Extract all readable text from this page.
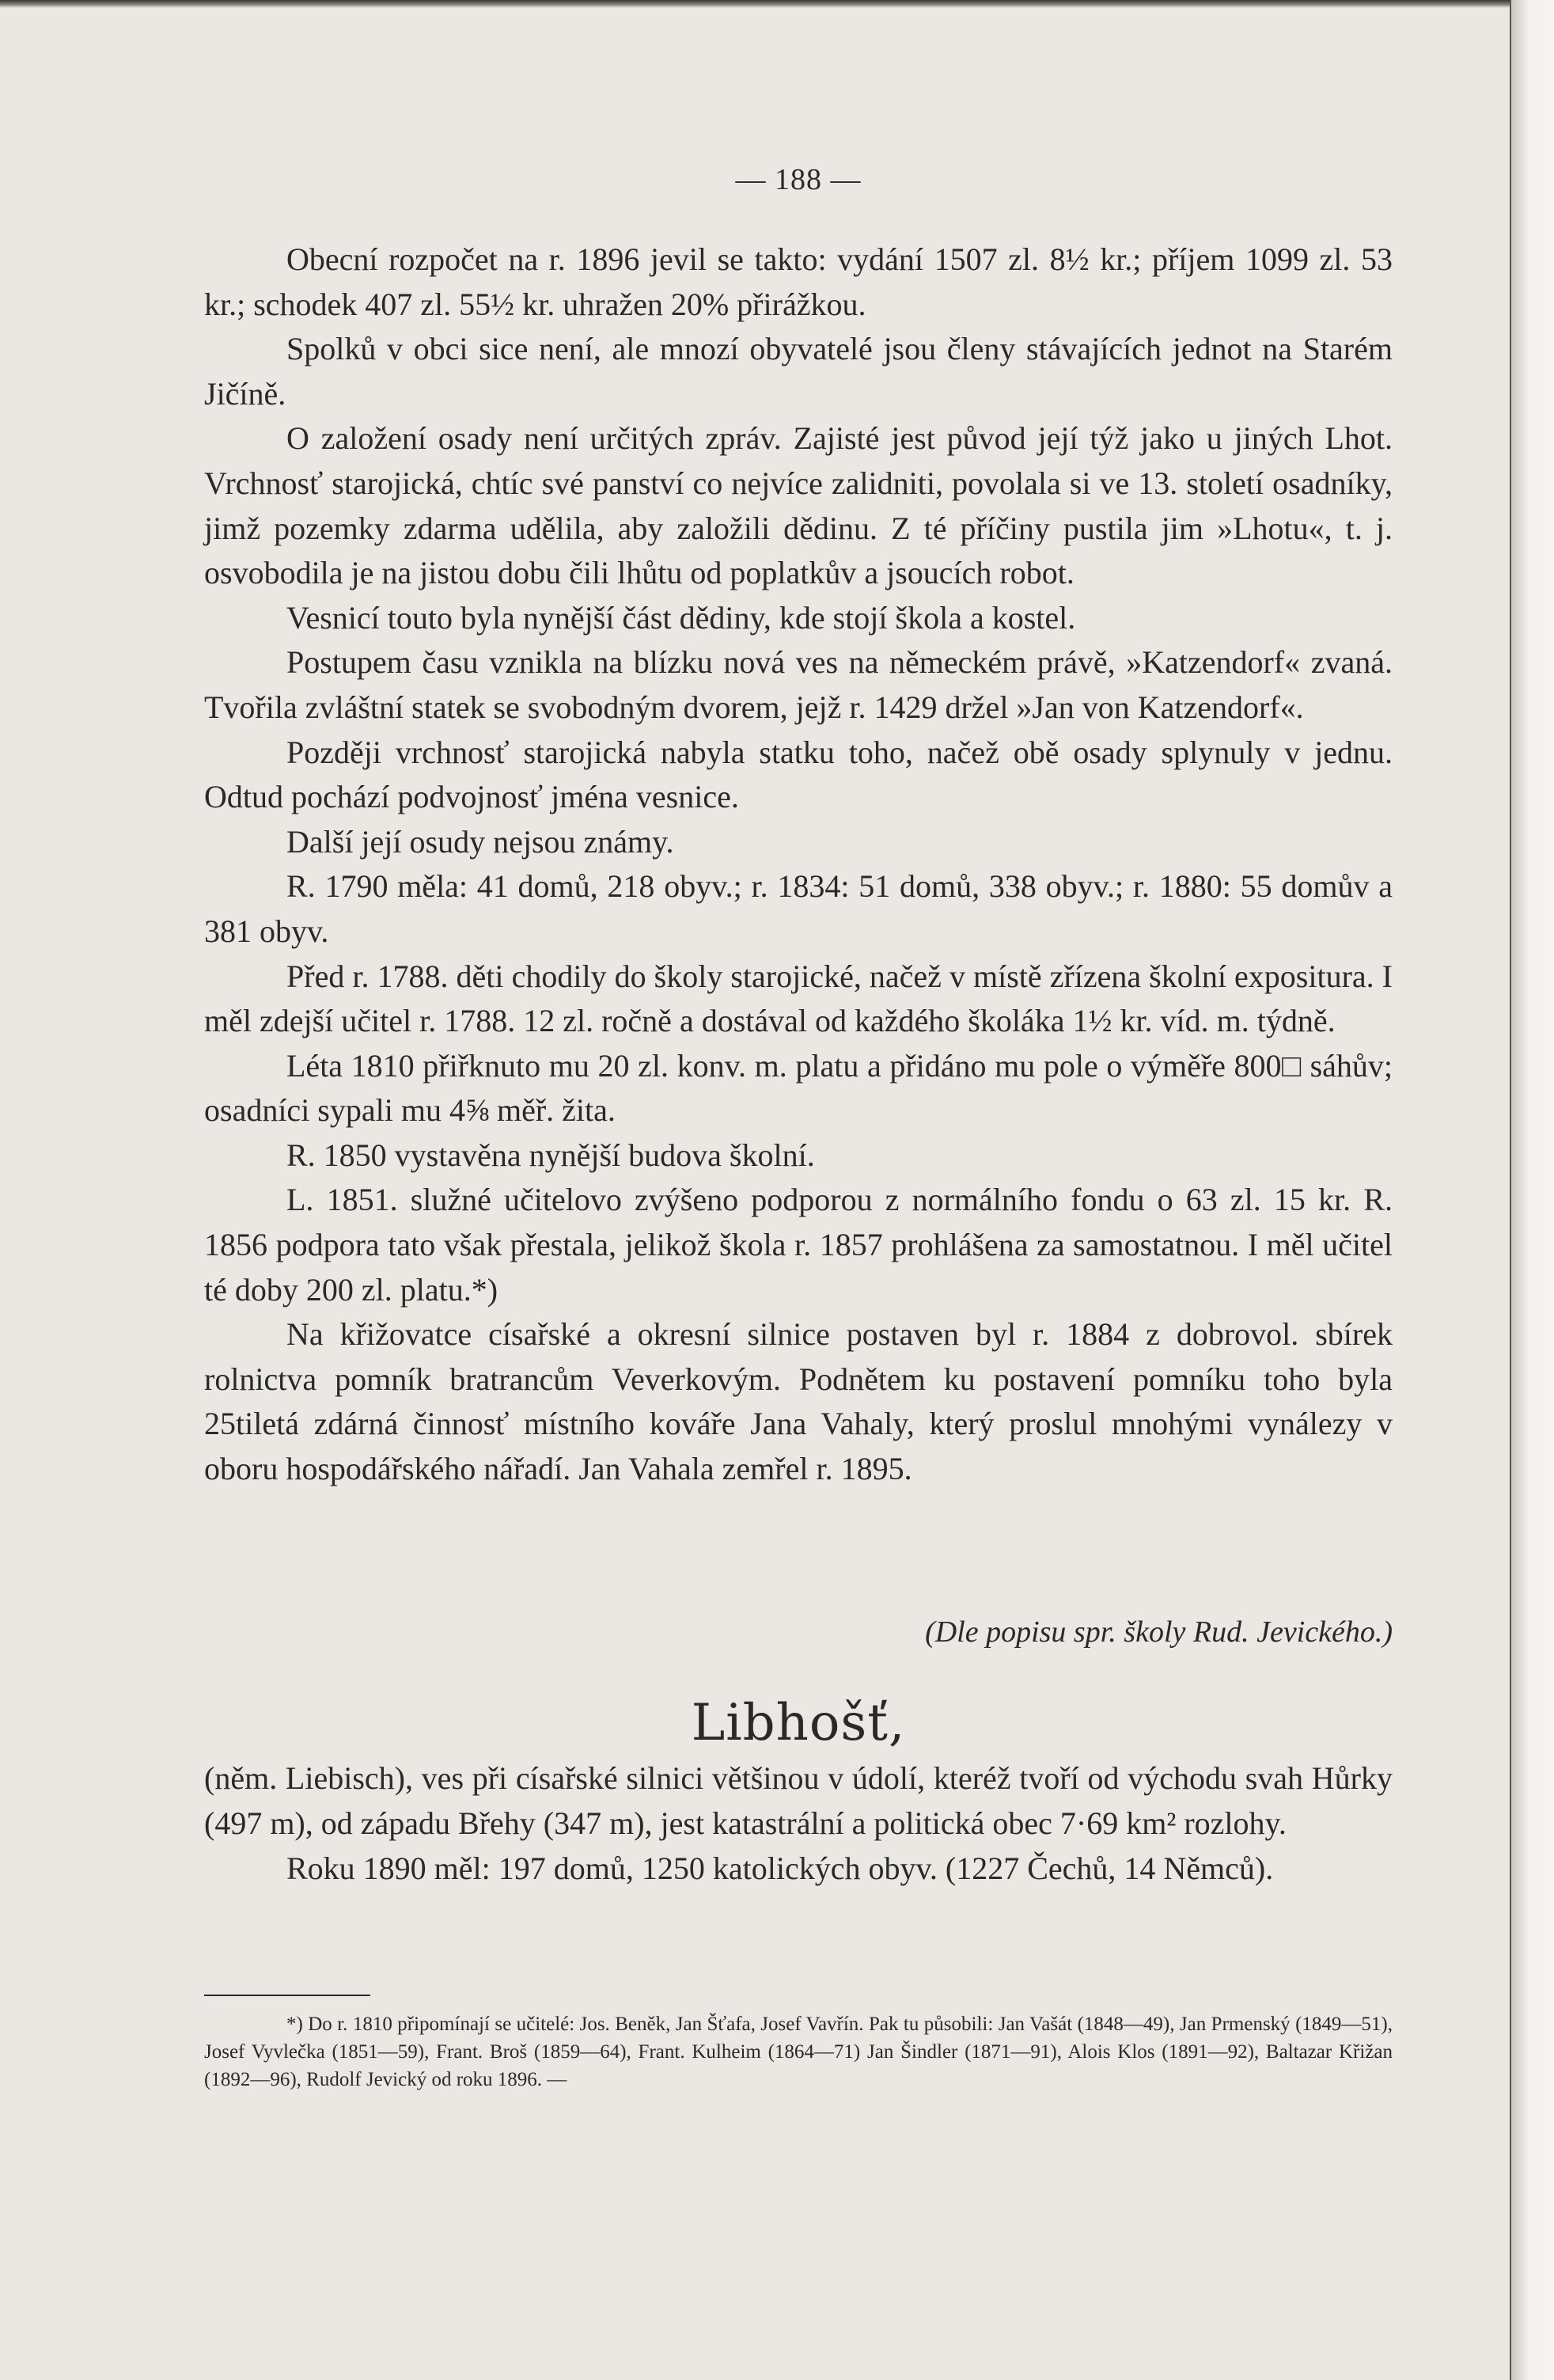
— 188 —

Obecní rozpočet na r. 1896 jevil se takto: vydání 1507 zl. 8½ kr.; příjem 1099 zl. 53 kr.; schodek 407 zl. 55½ kr. uhražen 20% přirážkou.

Spolků v obci sice není, ale mnozí obyvatelé jsou členy stávajících jednot na Starém Jičíně.

O založení osady není určitých zpráv. Zajisté jest původ její týž jako u jiných Lhot. Vrchnosť starojická, chtíc své panství co nejvíce zalidniti, povolala si ve 13. století osadníky, jimž pozemky zdarma udělila, aby založili dědinu. Z té příčiny pustila jim »Lhotu«, t. j. osvobodila je na jistou dobu čili lhůtu od poplatkův a jsoucích robot.

Vesnicí touto byla nynější část dědiny, kde stojí škola a kostel.

Postupem času vznikla na blízku nová ves na německém právě, »Katzendorf« zvaná. Tvořila zvláštní statek se svobodným dvorem, jejž r. 1429 držel »Jan von Katzendorf«.

Později vrchnosť starojická nabyla statku toho, načež obě osady splynuly v jednu. Odtud pochází podvojnosť jména vesnice.

Další její osudy nejsou známy.

R. 1790 měla: 41 domů, 218 obyv.; r. 1834: 51 domů, 338 obyv.; r. 1880: 55 domův a 381 obyv.

Před r. 1788. děti chodily do školy starojické, načež v místě zřízena školní expositura. I měl zdejší učitel r. 1788. 12 zl. ročně a dostával od každého školáka 1½ kr. víd. m. týdně.

Léta 1810 přiřknuto mu 20 zl. konv. m. platu a přidáno mu pole o výměře 800□ sáhův; osadníci sypali mu 4⅝ měř. žita.

R. 1850 vystavěna nynější budova školní.

L. 1851. služné učitelovo zvýšeno podporou z normálního fondu o 63 zl. 15 kr. R. 1856 podpora tato však přestala, jelikož škola r. 1857 prohlášena za samostatnou. I měl učitel té doby 200 zl. platu.*)

Na křižovatce císařské a okresní silnice postaven byl r. 1884 z dobrovol. sbírek rolnictva pomník bratrancům Veverkovým. Podnětem ku postavení pomníku toho byla 25tiletá zdárná činnosť místního kováře Jana Vahaly, který proslul mnohými vynálezy v oboru hospodářského nářadí. Jan Vahala zemřel r. 1895.

(Dle popisu spr. školy Rud. Jevického.)
Libhošť,

(něm. Liebisch), ves při císařské silnici většinou v údolí, kteréž tvoří od východu svah Hůrky (497 m), od západu Břehy (347 m), jest katastrální a politická obec 7·69 km² rozlohy.

Roku 1890 měl: 197 domů, 1250 katolických obyv. (1227 Čechů, 14 Němců).

*) Do r. 1810 připomínají se učitelé: Jos. Beněk, Jan Šťafa, Josef Vavřín. Pak tu působili: Jan Vašát (1848—49), Jan Prmenský (1849—51), Josef Vyvlečka (1851—59), Frant. Broš (1859—64), Frant. Kulheim (1864—71) Jan Šindler (1871—91), Alois Klos (1891—92), Baltazar Křižan (1892—96), Rudolf Jevický od roku 1896. —
